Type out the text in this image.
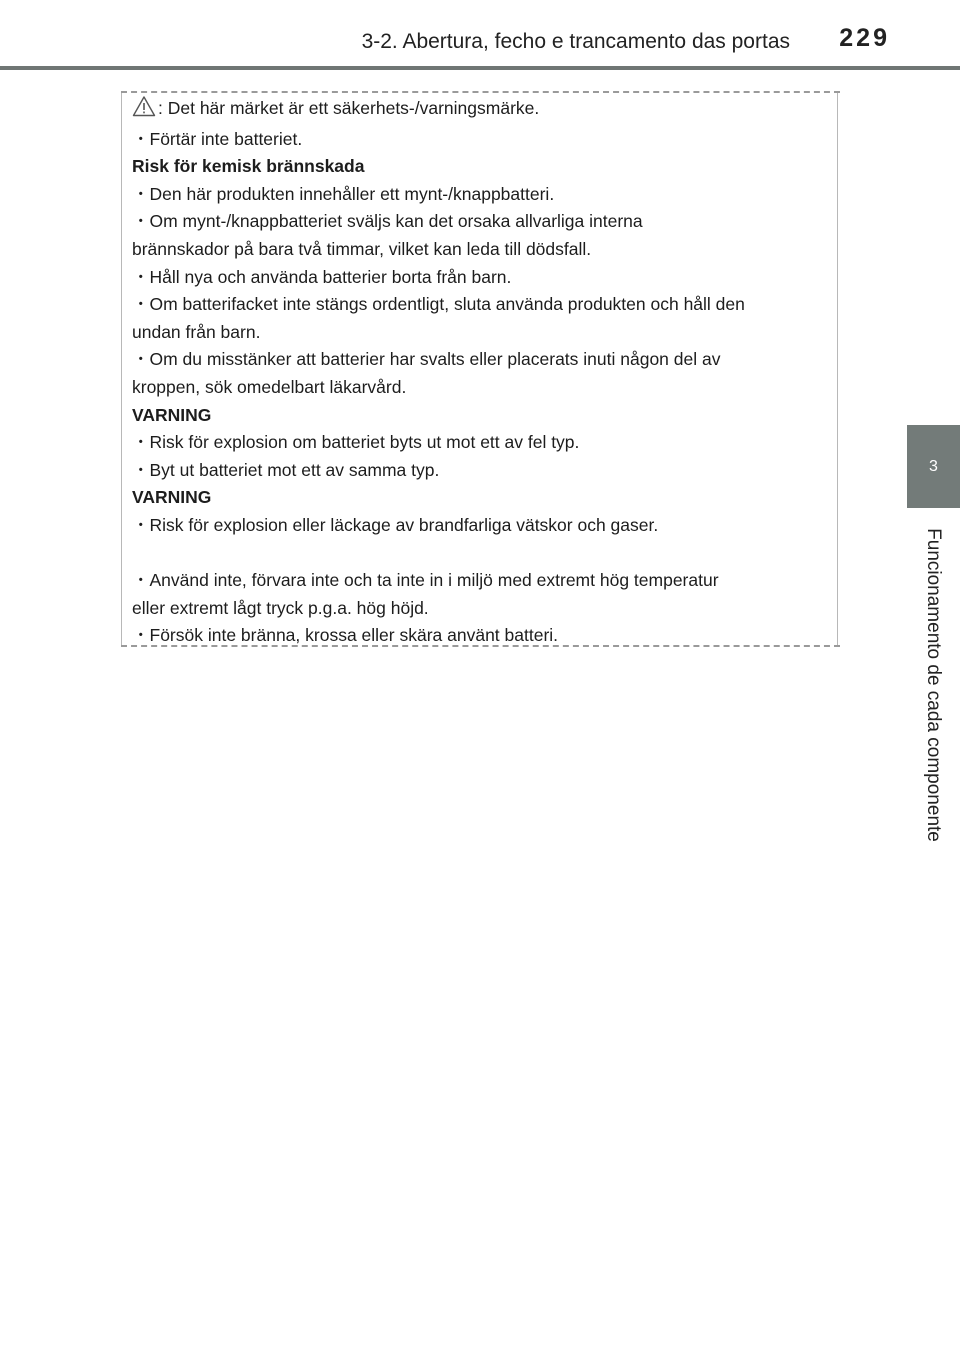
3-2. Abertura, fecho e trancamento das portas 229
3
Funcionamento de cada componente
: Det här märket är ett säkerhets-/varningsmärke.
・Förtär inte batteriet.
Risk för kemisk brännskada
・Den här produkten innehåller ett mynt-/knappbatteri.
・Om mynt-/knappbatteriet sväljs kan det orsaka allvarliga interna
brännskador på bara två timmar, vilket kan leda till dödsfall.
・Håll nya och använda batterier borta från barn.
・Om batterifacket inte stängs ordentligt, sluta använda produkten och håll den
undan från barn.
・Om du misstänker att batterier har svalts eller placerats inuti någon del av
kroppen, sök omedelbart läkarvård.
VARNING
・Risk för explosion om batteriet byts ut mot ett av fel typ.
・Byt ut batteriet mot ett av samma typ.
VARNING
・Risk för explosion eller läckage av brandfarliga vätskor och gaser.
・Använd inte, förvara inte och ta inte in i miljö med extremt hög temperatur
eller extremt lågt tryck p.g.a. hög höjd.
・Försök inte bränna, krossa eller skära använt batteri.
